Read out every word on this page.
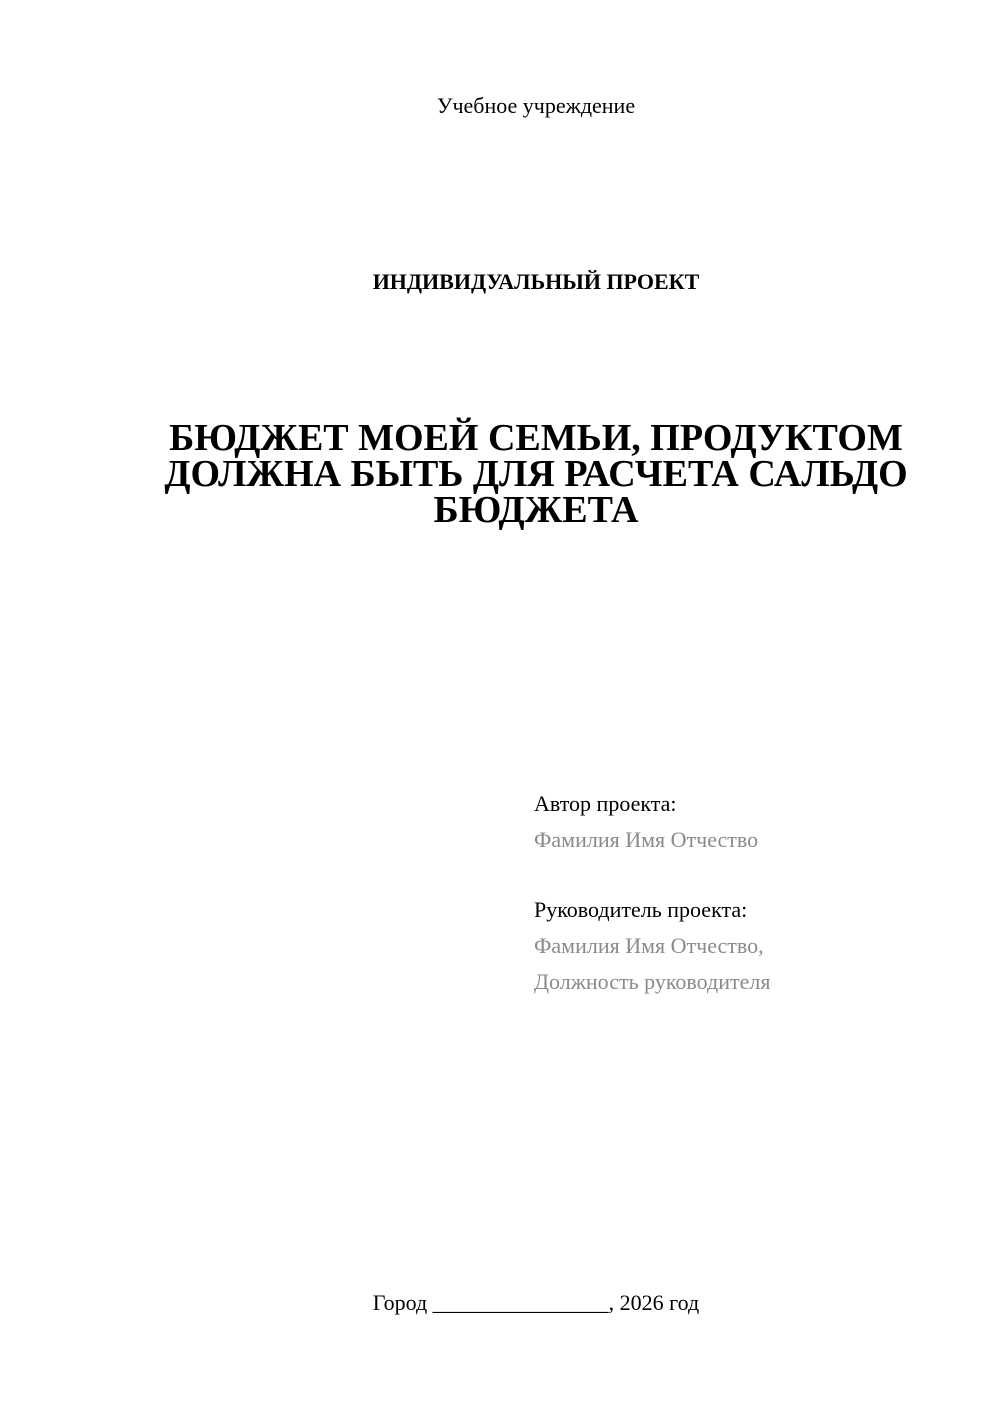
Учебное учреждение
ИНДИВИДУАЛЬНЫЙ ПРОЕКТ
БЮДЖЕТ МОЕЙ СЕМЬИ, ПРОДУКТОМ
ДОЛЖНА БЫТЬ ДЛЯ РАСЧЕТА САЛЬДО
БЮДЖЕТА
Автор проекта:
Фамилия Имя Отчество
Руководитель проекта:
Фамилия Имя Отчество,
Должность руководителя
Город ________________, 2026 год
